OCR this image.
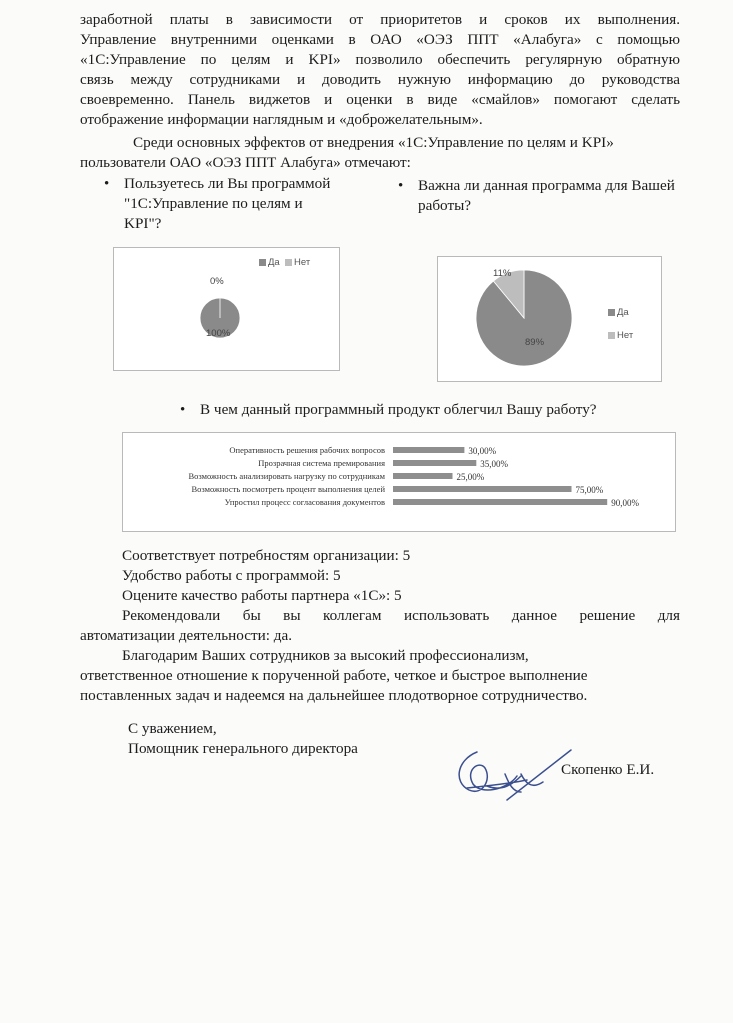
заработной платы в зависимости от приоритетов и сроков их выполнения.
Управление внутренними оценками в ОАО «ОЭЗ ППТ «Алабуга» с помощью
«1С:Управление по целям и KPI» позволило обеспечить регулярную обратную
связь между сотрудниками и доводить нужную информацию до руководства
своевременно. Панель виджетов и оценки в виде «смайлов» помогают сделать
отображение информации наглядным и «доброжелательным».
Среди основных эффектов от внедрения «1С:Управление по целям и KPI»
пользователи ОАО «ОЭЗ ППТ Алабуга» отмечают:
• Пользуетесь ли Вы программой
"1С:Управление по целям и
KPI"?
• Важна ли данная программа для Вашей
работы?
Да Нет
0%
100%
11%
89%
Да
Нет
• В чем данный программный продукт облегчил Вашу работу?
Оперативность решения рабочих вопросов	30,00%
Прозрачная система премирования	35,00%
Возможность анализировать нагрузку по сотрудникам	25,00%
Возможность посмотреть процент выполнения целей	75,00%
Упростил процесс согласования документов	90,00%
Соответствует потребностям организации: 5
Удобство работы с программой: 5
Оцените качество работы партнера «1С»: 5
Рекомендовали бы вы коллегам использовать данное решение для
автоматизации деятельности: да.
Благодарим Ваших сотрудников за высокий профессионализм,
ответственное отношение к порученной работе, четкое и быстрое выполнение
поставленных задач и надеемся на дальнейшее плодотворное сотрудничество.
С уважением,
Помощник генерального директора
Скопенко Е.И.
